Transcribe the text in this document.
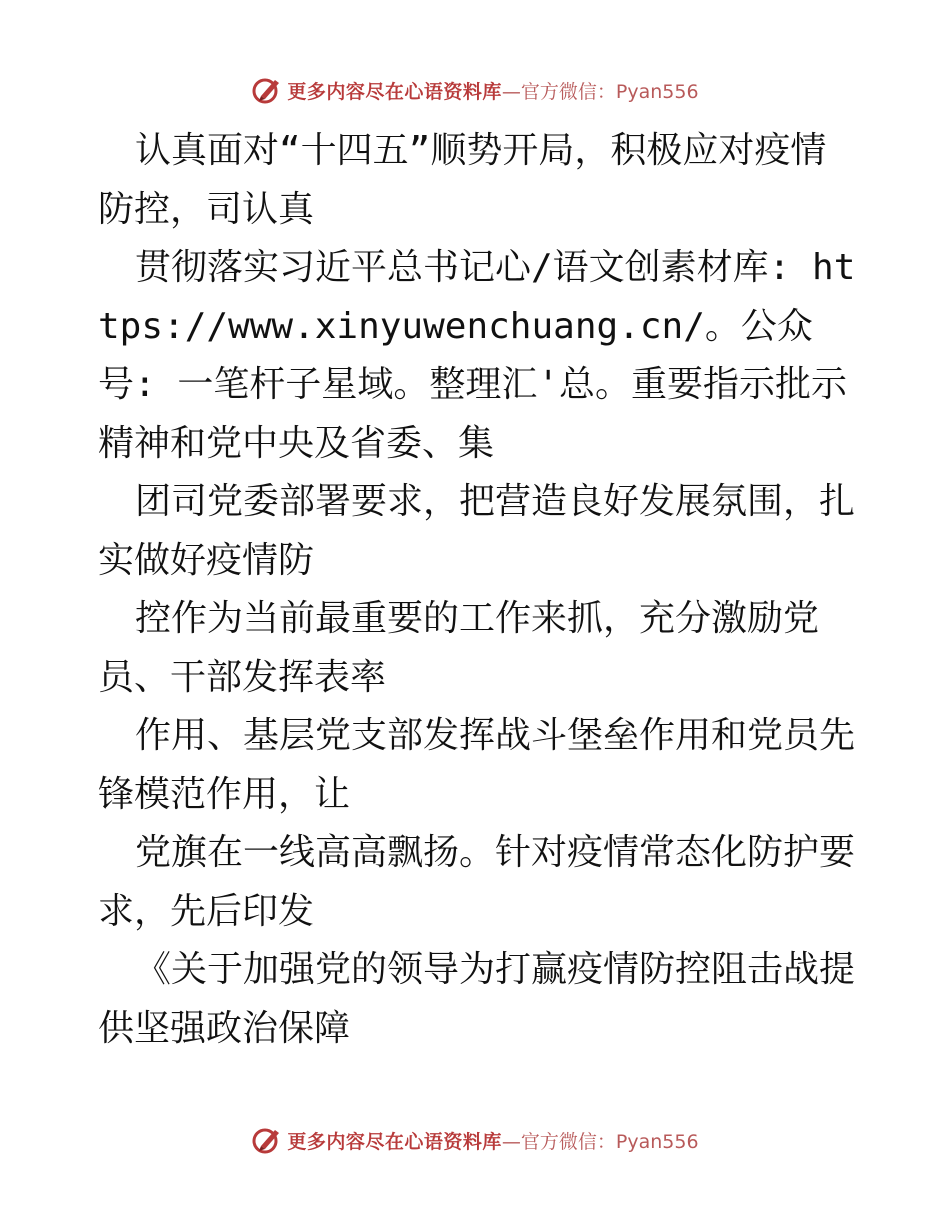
更多内容尽在心语资料库 —官方微信：Pyan556

认真面对“十四五”顺势开局，积极应对疫情防控，司认真

贯彻落实习近平总书记心/语文创素材库: https://www.xinyuwenchuang.cn/。公众号: 一笔杆子星域。整理汇'总。重要指示批示精神和党中央及省委、集

团司党委部署要求，把营造良好发展氛围，扎实做好疫情防

控作为当前最重要的工作来抓，充分激励党员、干部发挥表率

作用、基层党支部发挥战斗堡垒作用和党员先锋模范作用，让

党旗在一线高高飘扬。针对疫情常态化防护要求，先后印发

《关于加强党的领导为打赢疫情防控阻击战提供坚强政治保障

更多内容尽在心语资料库 —官方微信：Pyan556
